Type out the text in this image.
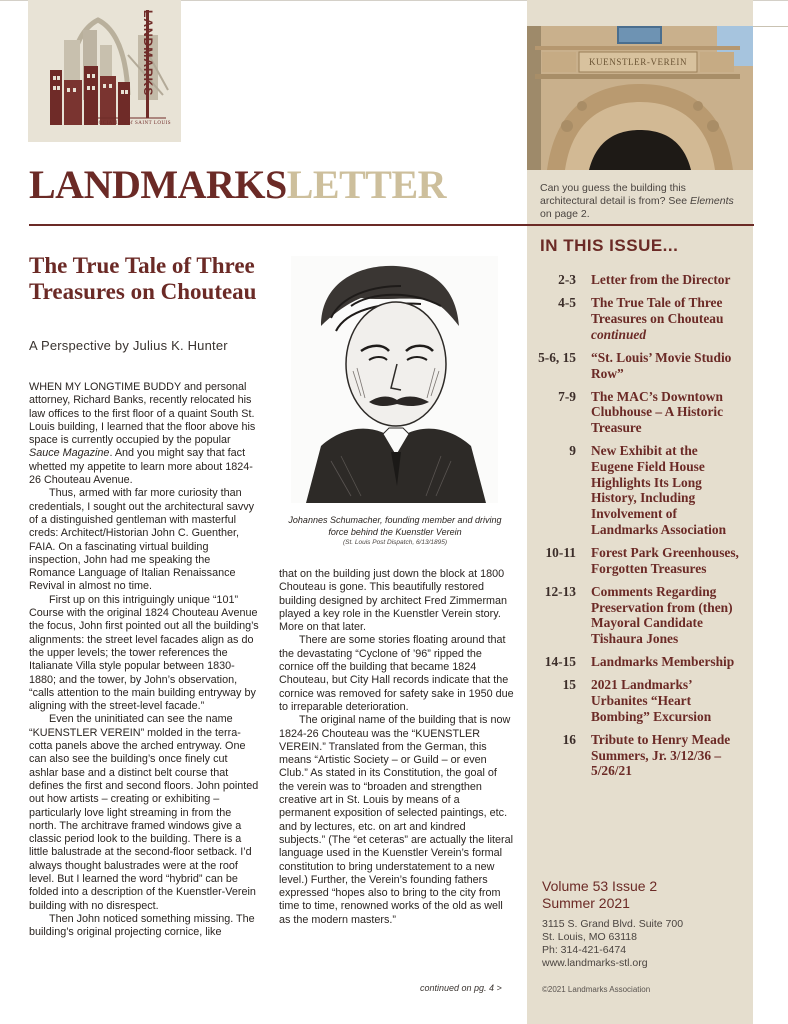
LANDMARKS
ASSOCIATION of SAINT LOUIS
KUENSTLER-VEREIN
LANDMARKSLETTER	Can you guess the building this architectural detail is from? See Elements on page 2.
The True Tale of Three Treasures on Chouteau
A Perspective by Julius K. Hunter

WHEN MY LONGTIME BUDDY and personal attorney, Richard Banks, recently relocated his law offices to the first floor of a quaint South St. Louis building, I learned that the floor above his space is currently occupied by the popular Sauce Magazine. And you might say that fact whetted my appetite to learn more about 1824-26 Chouteau Avenue.

Thus, armed with far more curiosity than credentials, I sought out the architectural savvy of a distinguished gentleman with masterful creds: Architect/Historian John C. Guenther, FAIA. On a fascinating virtual building inspection, John had me speaking the Romance Language of Italian Renaissance Revival in almost no time.

First up on this intriguingly unique “101” Course with the original 1824 Chouteau Avenue the focus, John first pointed out all the building’s alignments: the street level facades align as do the upper levels; the tower references the Italianate Villa style popular between 1830-1880; and the tower, by John’s observation, “calls attention to the main building entryway by aligning with the street-level facade.”

Even the uninitiated can see the name “KUENSTLER VEREIN” molded in the terra-cotta panels above the arched entryway. One can also see the building’s once finely cut ashlar base and a distinct belt course that defines the first and second floors. John pointed out how artists – creating or exhibiting – particularly love light streaming in from the north. The architrave framed windows give a classic period look to the building. There is a little balustrade at the second-floor setback. I’d always thought balustrades were at the roof level. But I learned the word “hybrid” can be folded into a description of the Kuenstler-Verein building with no disrespect.

Then John noticed something missing. The building’s original projecting cornice, like

Johannes Schumacher, founding member and driving force behind the Kuenstler Verein
(St. Louis Post Dispatch, 6/13/1895)

that on the building just down the block at 1800 Chouteau is gone. This beautifully restored building designed by architect Fred Zimmerman played a key role in the Kuenstler Verein story. More on that later.

There are some stories floating around that the devastating “Cyclone of ’96” ripped the cornice off the building that became 1824 Chouteau, but City Hall records indicate that the cornice was removed for safety sake in 1950 due to irreparable deterioration.

The original name of the building that is now 1824-26 Chouteau was the “KUENSTLER VEREIN.” Translated from the German, this means “Artistic Society – or Guild – or even Club.” As stated in its Constitution, the goal of the verein was to “broaden and strengthen creative art in St. Louis by means of a permanent exposition of selected paintings, etc. and by lectures, etc. on art and kindred subjects.” (The “et ceteras” are actually the literal language used in the Kuenstler Verein’s formal constitution to bring understatement to a new level.) Further, the Verein’s founding fathers expressed “hopes also to bring to the city from time to time, renowned works of the old as well as the modern masters.”

continued on pg. 4 >
IN THIS ISSUE...
2-3	Letter from the Director
4-5	The True Tale of Three Treasures on Chouteau continued
5-6, 15	“St. Louis’ Movie Studio Row”
7-9	The MAC’s Downtown Clubhouse – A Historic Treasure
9	New Exhibit at the Eugene Field House Highlights Its Long History, Including Involvement of Landmarks Association
10-11	Forest Park Greenhouses, Forgotten Treasures
12-13	Comments Regarding Preservation from (then) Mayoral Candidate Tishaura Jones
14-15	Landmarks Membership
15	2021 Landmarks’ Urbanites “Heart Bombing” Excursion
16	Tribute to Henry Meade Summers, Jr. 3/12/36 – 5/26/21
Volume 53 Issue 2
Summer 2021
3115 S. Grand Blvd. Suite 700
St. Louis, MO 63118
Ph: 314-421-6474
www.landmarks-stl.org
©2021 Landmarks Association
